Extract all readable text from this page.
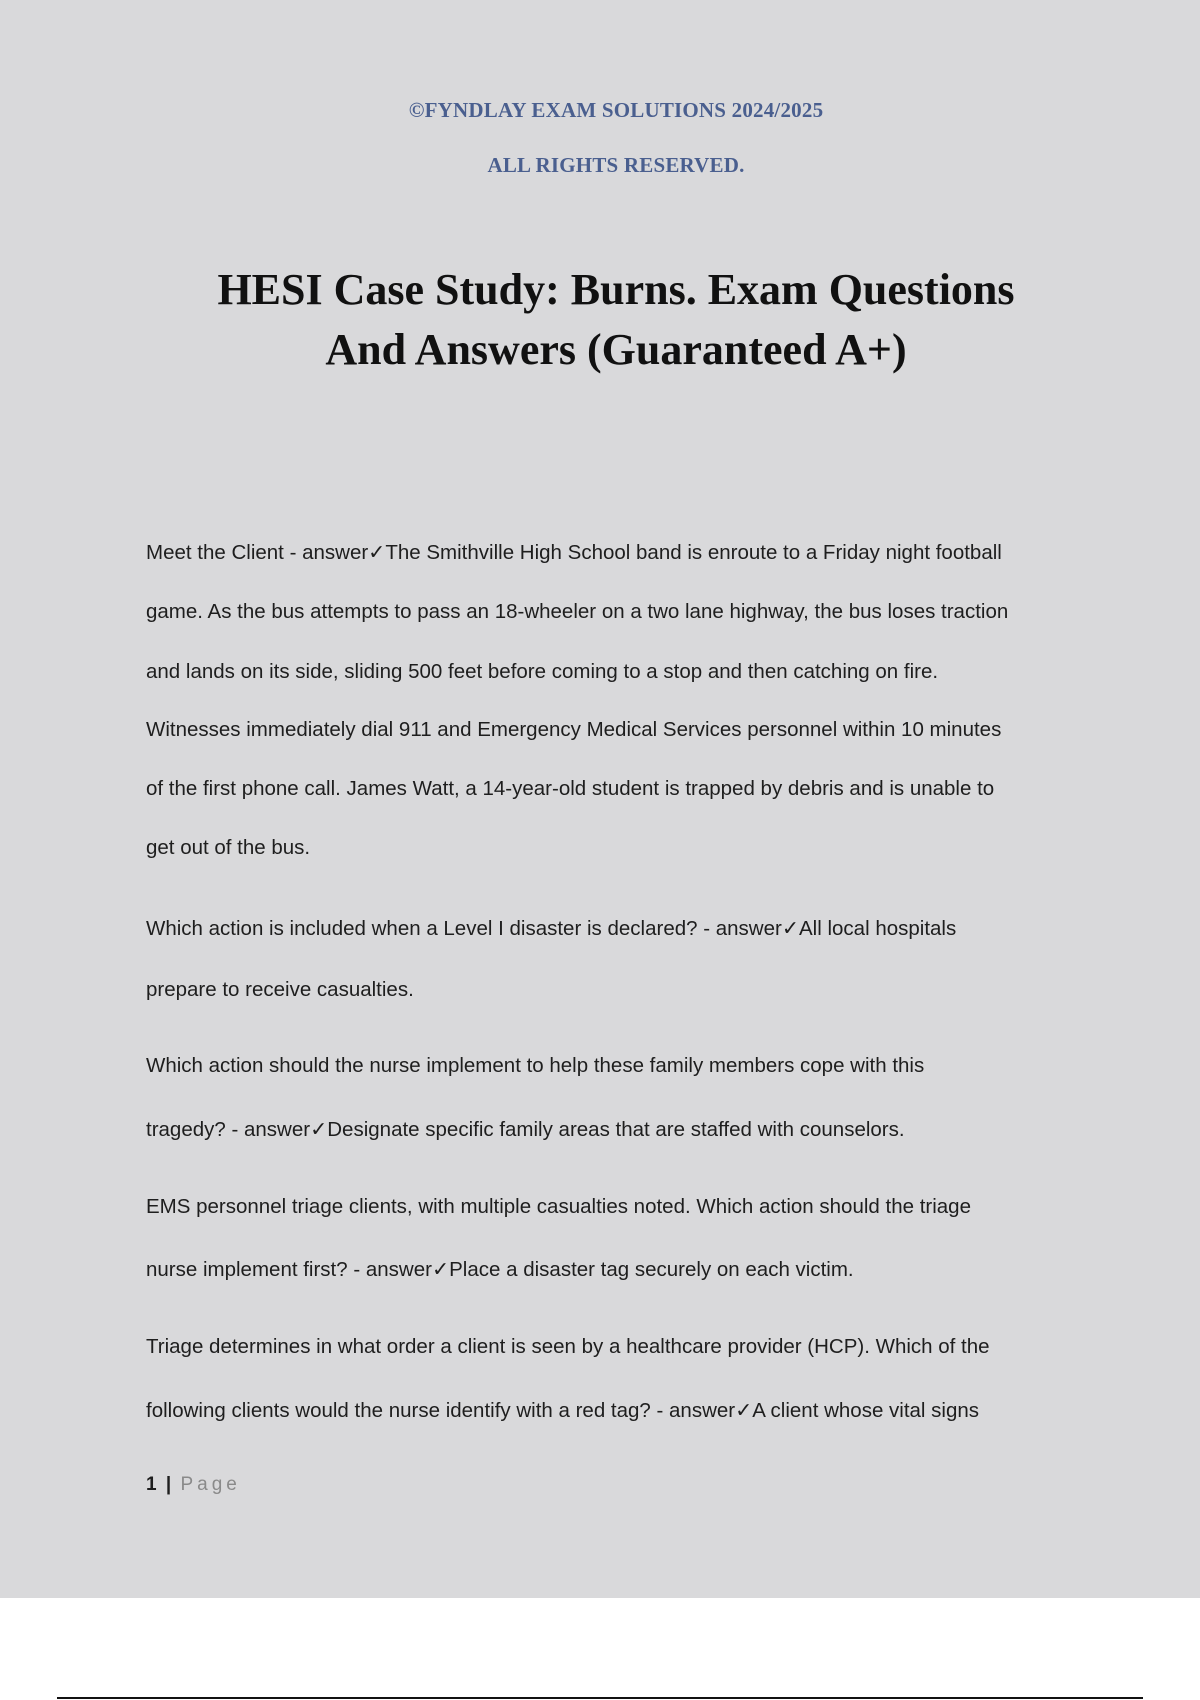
©FYNDLAY EXAM SOLUTIONS 2024/2025
ALL RIGHTS RESERVED.
HESI Case Study: Burns. Exam Questions
And Answers (Guaranteed A+)
Meet the Client - answer✓The Smithville High School band is enroute to a Friday night football
game. As the bus attempts to pass an 18-wheeler on a two lane highway, the bus loses traction
and lands on its side, sliding 500 feet before coming to a stop and then catching on fire.
Witnesses immediately dial 911 and Emergency Medical Services personnel within 10 minutes
of the first phone call. James Watt, a 14-year-old student is trapped by debris and is unable to
get out of the bus.
Which action is included when a Level I disaster is declared? - answer✓All local hospitals
prepare to receive casualties.
Which action should the nurse implement to help these family members cope with this
tragedy? - answer✓Designate specific family areas that are staffed with counselors.
EMS personnel triage clients, with multiple casualties noted. Which action should the triage
nurse implement first? - answer✓Place a disaster tag securely on each victim.
Triage determines in what order a client is seen by a healthcare provider (HCP). Which of the
following clients would the nurse identify with a red tag? - answer✓A client whose vital signs
1 | Page
